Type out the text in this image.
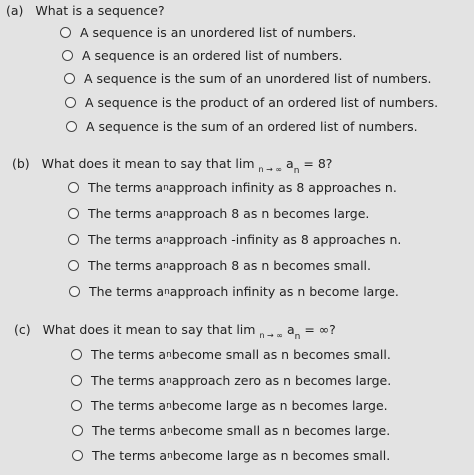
(a) What is a sequence?
A sequence is an unordered list of numbers.
A sequence is an ordered list of numbers.
A sequence is the sum of an unordered list of numbers.
A sequence is the product of an ordered list of numbers.
A sequence is the sum of an ordered list of numbers.
(b) What does it mean to say that lim $_{n \to \infty}$ $a_n = 8$?
The terms a n approach infinity as 8 approaches n.
The terms a n approach 8 as n becomes large.
The terms a n approach -infinity as 8 approaches n.
The terms a n approach 8 as n becomes small.
The terms a n approach infinity as n become large.
(c) What does it mean to say that lim $_{n \to \infty}$ $a_n$ = ∞?
The terms a n become small as n becomes small.
The terms a n approach zero as n becomes large.
The terms a n become large as n becomes large.
The terms a n become small as n becomes large.
The terms a n become large as n becomes small.
